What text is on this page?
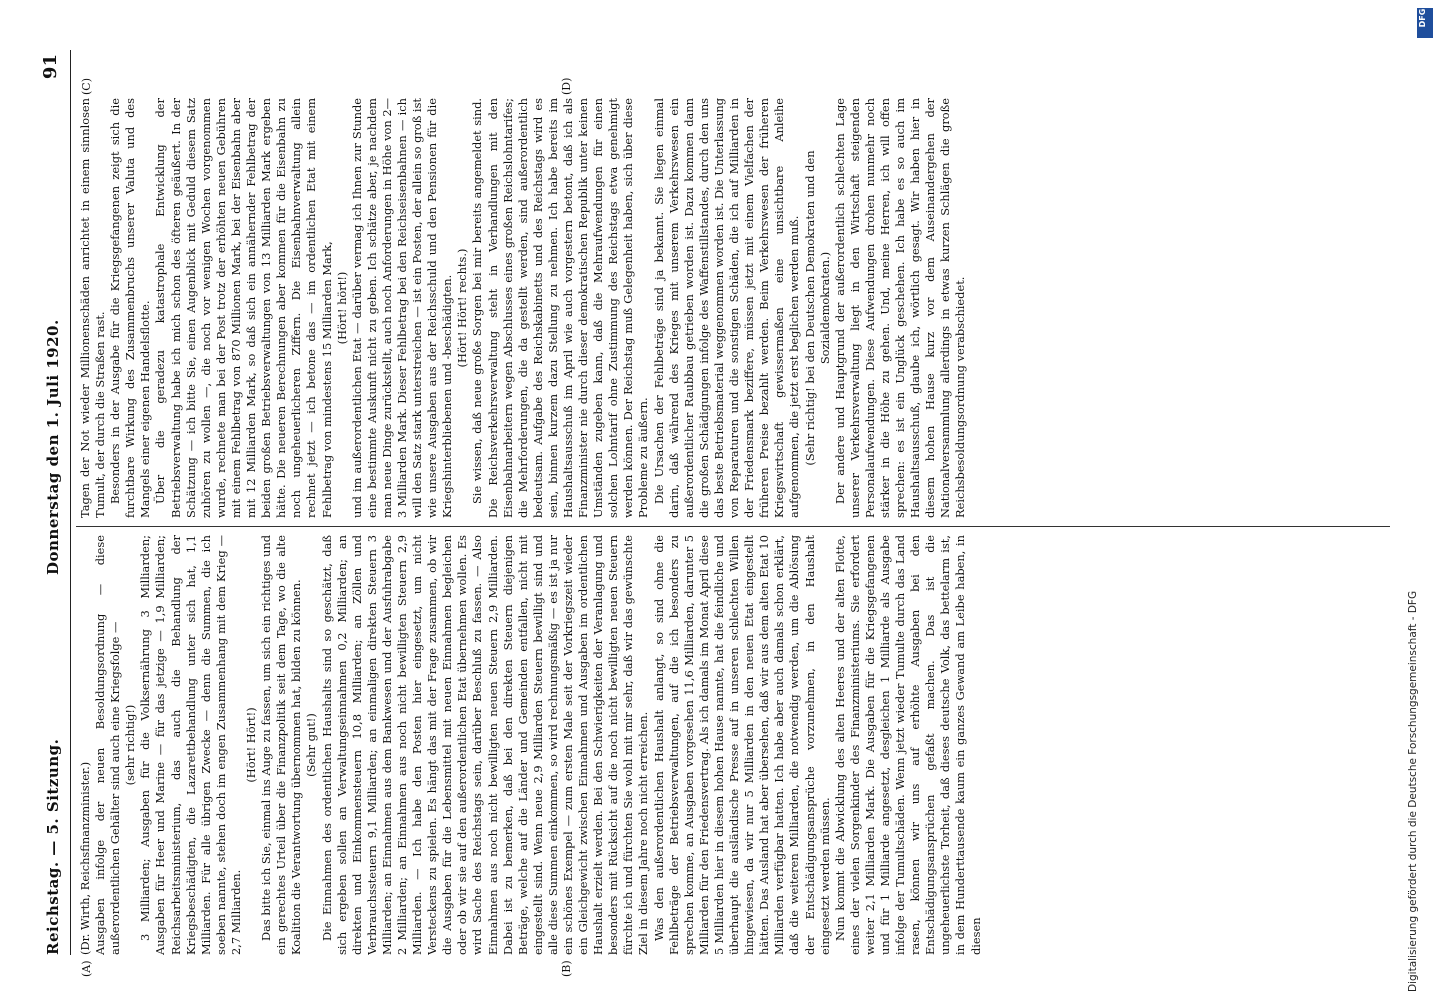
Reichstag. — 5. Sitzung.
Donnerstag den 1. Juli 1920.
91
(A)	(B)
(C)	(D)

(Dr. Wirth, Reichsfinanzminister.) Ausgaben infolge der neuen Besoldungsordnung — diese außerordentlichen Gehälter sind auch eine Kriegsfolge — (sehr richtig!) 3 Milliarden; Ausgaben für die Volksernährung 3 Milliarden; Ausgaben für Heer und Marine — für das jetzige — 1,9 Milliarden; Reichsarbeitsministerium, das auch die Behandlung der Kriegsbeschädigten, die Lazarettbehandlung unter sich hat, 1,1 Milliarden. Für alle übrigen Zwecke — denn die Summen, die ich soeben nannte, stehen doch im engen Zusammenhang mit dem Krieg — 2,7 Milliarden.

(Hört! Hört!) Das bitte ich Sie, einmal ins Auge zu fassen, um sich ein richtiges und ein gerechtes Urteil über die Finanzpolitik seit dem Tage, wo die alte Koalition die Verantwortung übernommen hat, bilden zu können. (Sehr gut!) Die Einnahmen des ordentlichen Haushalts sind so geschätzt, daß sich ergeben sollen an Verwaltungseinnahmen 0,2 Milliarden; an direkten und Einkommensteuern 10,8 Milliarden; an Zöllen und Verbrauchssteuern 9,1 Milliarden; an einmaligen direkten Steuern 3 Milliarden; an Einnahmen aus dem Bankwesen und der Ausfuhrabgabe 2 Milliarden; an Einnahmen aus noch nicht bewilligten Steuern 2,9 Milliarden. — Ich habe den Posten hier eingesetzt, um nicht Versteckens zu spielen. Es hängt das mit der Frage zusammen, ob wir die Ausgaben für die Lebensmittel mit neuen Einnahmen begleichen oder ob wir sie auf den außerordentlichen Etat übernehmen wollen. Es wird Sache des Reichstags sein, darüber Beschluß zu fassen. — Also Einnahmen aus noch nicht bewilligten neuen Steuern 2,9 Milliarden. Dabei ist zu bemerken, daß bei den direkten Steuern diejenigen Beträge, welche auf die Länder und Gemeinden entfallen, nicht mit eingestellt sind. Wenn neue 2,9 Milliarden Steuern bewilligt sind und alle diese Summen einkommen, so wird rechnungsmäßig — es ist ja nur ein schönes Exempel — zum ersten Male seit der Vorkriegszeit wieder ein Gleichgewicht zwischen Einnahmen und Ausgaben im ordentlichen Haushalt erzielt werden. Bei den Schwierigkeiten der Veranlagung und besonders mit Rücksicht auf die noch nicht bewilligten neuen Steuern fürchte ich und fürchten Sie wohl mit mir sehr, daß wir das gewünschte Ziel in diesem Jahre noch nicht erreichen. Was den außerordentlichen Haushalt anlangt, so sind ohne die Fehlbeträge der Betriebsverwaltungen, auf die ich besonders zu sprechen komme, an Ausgaben vorgesehen 11,6 Milliarden, darunter 5 Milliarden für den Friedensvertrag. Als ich damals im Monat April diese 5 Milliarden hier in diesem hohen Hause nannte, hat die feindliche und überhaupt die ausländische Presse auf in unseren schlechten Willen hingewiesen, da wir nur 5 Milliarden in den neuen Etat eingestellt hätten. Das Ausland hat aber übersehen, daß wir aus dem alten Etat 10 Milliarden verfügbar hatten. Ich habe aber auch damals schon erklärt, daß die weiteren Milliarden, die notwendig werden, um die Ablösung der Entschädigungsansprüche vorzunehmen, in den Haushalt eingesetzt werden müssen. Nun kommt die Abwicklung des alten Heeres und der alten Flotte, eines der vielen Sorgenkinder des Finanzministeriums. Sie erfordert weiter 2,1 Milliarden Mark. Die Ausgaben für die Kriegsgefangenen und für 1 Milliarde angesetzt, desgleichen 1 Milliarde als Ausgabe infolge der Tumultschäden. Wenn jetzt wieder Tumulte durch das Land rasen, können wir uns auf erhöhte Ausgaben bei den Entschädigungsansprüchen gefaßt machen. Das ist die ungeheuerlichste Torheit, daß dieses deutsche Volk, das bettelarm ist, in dem Hunderttausende kaum ein ganzes Gewand am Leibe haben, in diesen

Tagen der Not wieder Millionenschäden anrichtet in einem sinnlosen Tumult, der durch die Straßen rast. Besonders in der Ausgabe für die Kriegsgefangenen zeigt sich die furchtbare Wirkung des Zusammenbruchs unserer Valuta und des Mangels einer eigenen Handelsflotte. Über die geradezu katastrophale Entwicklung der Betriebsverwaltung habe ich mich schon des öfteren geäußert. In der Schätzung — ich bitte Sie, einen Augenblick mit Geduld diesem Satz zuhören zu wollen —, die noch vor wenigen Wochen vorgenommen wurde, rechnete man bei der Post trotz der erhöhten neuen Gebühren mit einem Fehlbetrag von 870 Millionen Mark, bei der Eisenbahn aber mit 12 Milliarden Mark, so daß sich ein annähernder Fehlbetrag der beiden großen Betriebsverwaltungen von 13 Milliarden Mark ergeben hätte. Die neueren Berechnungen aber kommen für die Eisenbahn zu noch ungeheuerlicheren Ziffern. Die Eisenbahnverwaltung allein rechnet jetzt — ich betone das — im ordentlichen Etat mit einem Fehlbetrag von mindestens 15 Milliarden Mark, (Hört! hört!) und im außerordentlichen Etat — darüber vermag ich Ihnen zur Stunde eine bestimmte Auskunft nicht zu geben. Ich schätze aber, je nachdem man neue Dinge zurückstellt, auch noch Anforderungen in Höhe von 2—3 Milliarden Mark. Dieser Fehlbetrag bei den Reichseisenbahnen — ich will den Satz stark unterstreichen — ist ein Posten, der allein so groß ist wie unsere Ausgaben aus der Reichsschuld und den Pensionen für die Kriegshinterbliebenen und -beschädigten. (Hört! Hört! rechts.) Sie wissen, daß neue große Sorgen bei mir bereits angemeldet sind. Die Reichsverkehrsverwaltung steht in Verhandlungen mit den Eisenbahnarbeitern wegen Abschlusses eines großen Reichslohntarifes; die Mehrforderungen, die da gestellt werden, sind außerordentlich bedeutsam. Aufgabe des Reichskabinetts und des Reichstags wird es sein, binnen kurzem dazu Stellung zu nehmen. Ich habe bereits im Haushaltsausschuß im April wie auch vorgestern betont, daß ich als Finanzminister nie durch dieser demokratischen Republik unter keinen Umständen zugeben kann, daß die Mehraufwendungen für einen solchen Lohntarif ohne Zustimmung des Reichstags etwa genehmigt werden können. Der Reichstag muß Gelegenheit haben, sich über diese Probleme zu äußern. Die Ursachen der Fehlbeträge sind ja bekannt. Sie liegen einmal darin, daß während des Krieges mit unserem Verkehrswesen ein außerordentlicher Raubbau getrieben worden ist. Dazu kommen dann die großen Schädigungen infolge des Waffenstillstandes, durch den uns das beste Betriebsmaterial weggenommen worden ist. Die Unterlassung von Reparaturen und die sonstigen Schäden, die ich auf Milliarden in der Friedensmark beziffere, müssen jetzt mit einem Vielfachen der früheren Preise bezahlt werden. Beim Verkehrswesen der früheren Kriegswirtschaft gewissermaßen eine unsichtbare Anleihe aufgenommen, die jetzt erst beglichen werden muß. (Sehr richtig! bei den Deutschen Demokraten und den Sozialdemokraten.) Der andere und Hauptgrund der außerordentlich schlechten Lage unserer Verkehrsverwaltung liegt in den Wirtschaft steigenden Personalaufwendungen. Diese Aufwendungen drohen nunmehr noch stärker in die Höhe zu gehen. Und, meine Herren, ich will offen sprechen: es ist ein Unglück geschehen. Ich habe es so auch im Haushaltsausschuß, glaube ich, wörtlich gesagt. Wir haben hier in diesem hohen Hause kurz vor dem Auseinandergehen der Nationalversammlung allerdings in etwas kurzen Schlägen die große Reichsbesoldungsordnung verabschiedet.

Digitalisierung gefördert durch die Deutsche Forschungsgemeinschaft - DFG
DFG
